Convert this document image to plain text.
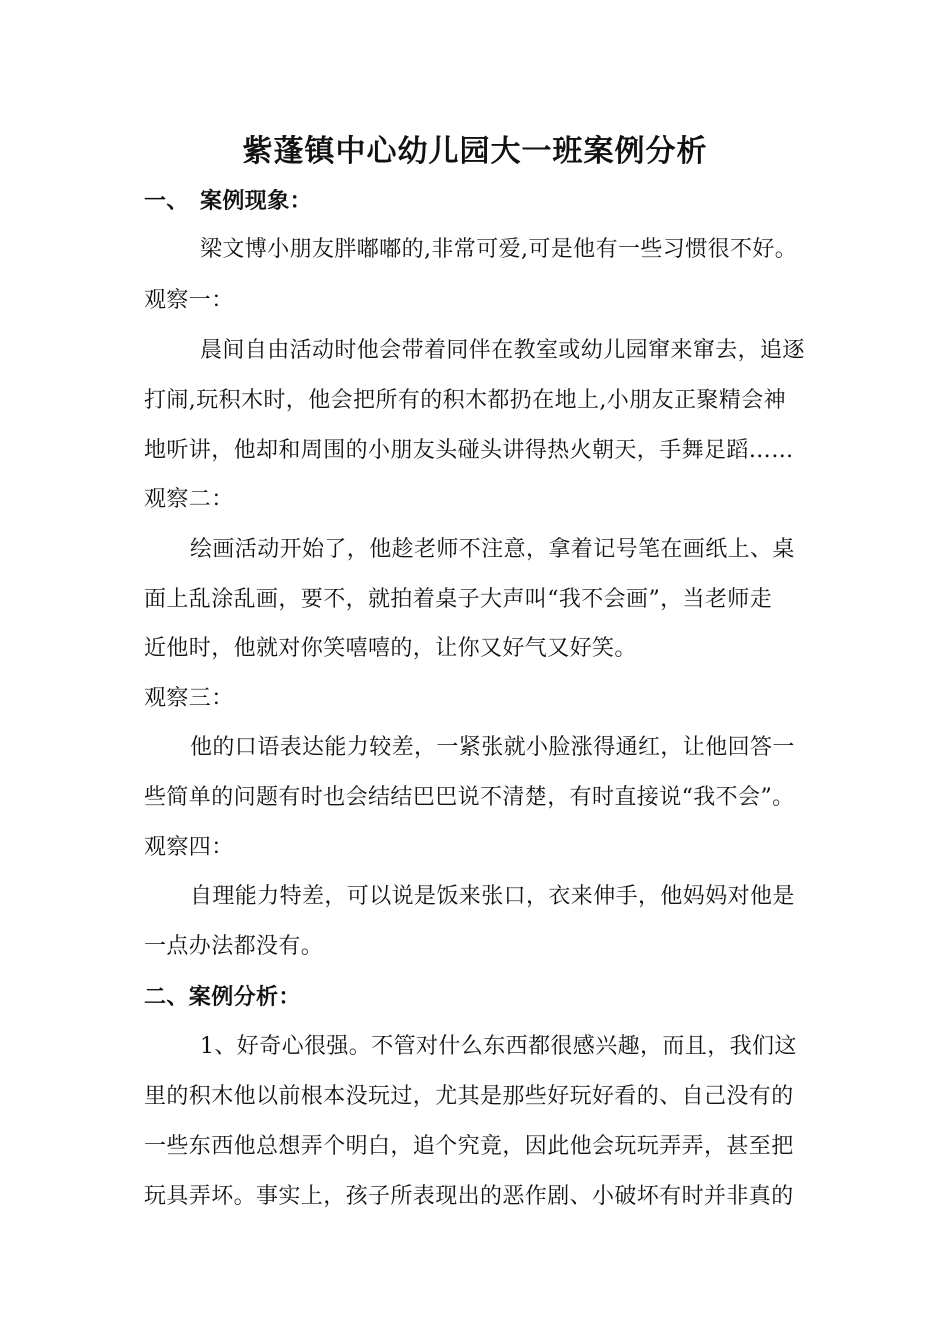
紫蓬镇中心幼儿园大一班案例分析
一、 案例现象：
梁文博小朋友胖嘟嘟的,非常可爱,可是他有一些习惯很不好。
观察一：
晨间自由活动时他会带着同伴在教室或幼儿园窜来窜去，追逐
打闹,玩积木时，他会把所有的积木都扔在地上,小朋友正聚精会神
地听讲，他却和周围的小朋友头碰头讲得热火朝天，手舞足蹈……
观察二：
绘画活动开始了，他趁老师不注意，拿着记号笔在画纸上、桌
面上乱涂乱画，要不，就拍着桌子大声叫“我不会画”，当老师走
近他时，他就对你笑嘻嘻的，让你又好气又好笑。
观察三：
他的口语表达能力较差，一紧张就小脸涨得通红，让他回答一
些简单的问题有时也会结结巴巴说不清楚，有时直接说“我不会”。
观察四：
自理能力特差，可以说是饭来张口，衣来伸手，他妈妈对他是
一点办法都没有。
二、案例分析：
1、好奇心很强。不管对什么东西都很感兴趣，而且，我们这
里的积木他以前根本没玩过，尤其是那些好玩好看的、自己没有的
一些东西他总想弄个明白，追个究竟，因此他会玩玩弄弄，甚至把
玩具弄坏。事实上，孩子所表现出的恶作剧、小破坏有时并非真的
